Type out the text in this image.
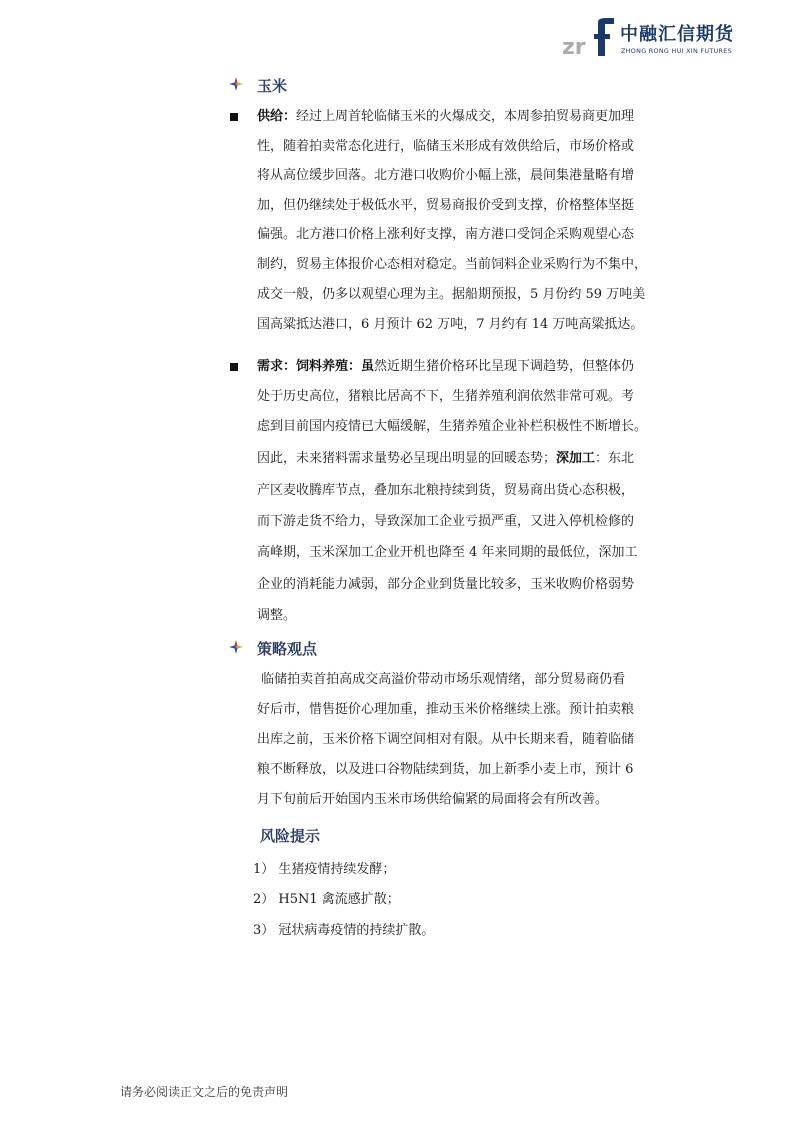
zr
中融汇信期货
ZHONG RONG HUI XIN FUTURES
玉米
供给：经过上周首轮临储玉米的火爆成交，本周参拍贸易商更加理
性，随着拍卖常态化进行，临储玉米形成有效供给后，市场价格或
将从高位缓步回落。北方港口收购价小幅上涨，晨间集港量略有增
加，但仍继续处于极低水平，贸易商报价受到支撑，价格整体坚挺
偏强。北方港口价格上涨利好支撑，南方港口受饲企采购观望心态
制约，贸易主体报价心态相对稳定。当前饲料企业采购行为不集中，
成交一般，仍多以观望心理为主。据船期预报，5 月份约 59 万吨美
国高粱抵达港口，6 月预计 62 万吨，7 月约有 14 万吨高粱抵达。
需求：饲料养殖：虽然近期生猪价格环比呈现下调趋势，但整体仍
处于历史高位，猪粮比居高不下，生猪养殖利润依然非常可观。考
虑到目前国内疫情已大幅缓解，生猪养殖企业补栏积极性不断增长。
因此，未来猪料需求量势必呈现出明显的回暖态势；深加工：东北
产区麦收腾库节点，叠加东北粮持续到货，贸易商出货心态积极，
而下游走货不给力，导致深加工企业亏损严重，又进入停机检修的
高峰期，玉米深加工企业开机也降至 4 年来同期的最低位，深加工
企业的消耗能力减弱，部分企业到货量比较多，玉米收购价格弱势
调整。
策略观点
临储拍卖首拍高成交高溢价带动市场乐观情绪，部分贸易商仍看
好后市，惜售挺价心理加重，推动玉米价格继续上涨。预计拍卖粮
出库之前，玉米价格下调空间相对有限。从中长期来看，随着临储
粮不断释放，以及进口谷物陆续到货，加上新季小麦上市，预计 6
月下旬前后开始国内玉米市场供给偏紧的局面将会有所改善。
风险提示
1） 生猪疫情持续发酵；
2） H5N1 禽流感扩散；
3） 冠状病毒疫情的持续扩散。
请务必阅读正文之后的免责声明
